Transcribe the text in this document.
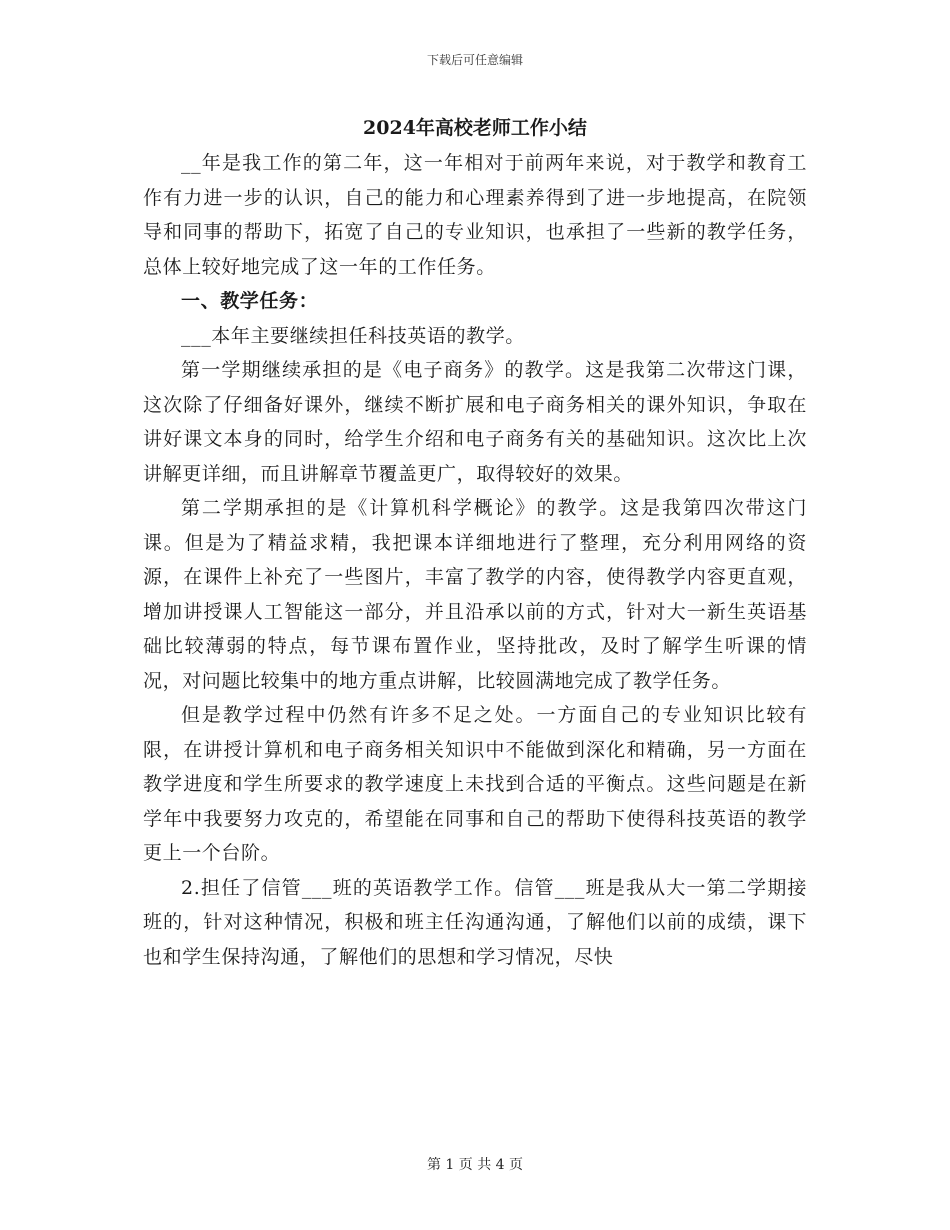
下载后可任意编辑
2024年高校老师工作小结

__年是我工作的第二年，这一年相对于前两年来说，对于教学和教育工作有力进一步的认识，自己的能力和心理素养得到了进一步地提高，在院领导和同事的帮助下，拓宽了自己的专业知识，也承担了一些新的教学任务，总体上较好地完成了这一年的工作任务。

一、教学任务：

___本年主要继续担任科技英语的教学。

第一学期继续承担的是《电子商务》的教学。这是我第二次带这门课，这次除了仔细备好课外，继续不断扩展和电子商务相关的课外知识，争取在讲好课文本身的同时，给学生介绍和电子商务有关的基础知识。这次比上次讲解更详细，而且讲解章节覆盖更广，取得较好的效果。

第二学期承担的是《计算机科学概论》的教学。这是我第四次带这门课。但是为了精益求精，我把课本详细地进行了整理，充分利用网络的资源，在课件上补充了一些图片，丰富了教学的内容，使得教学内容更直观，增加讲授课人工智能这一部分，并且沿承以前的方式，针对大一新生英语基础比较薄弱的特点，每节课布置作业，坚持批改，及时了解学生听课的情况，对问题比较集中的地方重点讲解，比较圆满地完成了教学任务。

但是教学过程中仍然有许多不足之处。一方面自己的专业知识比较有限，在讲授计算机和电子商务相关知识中不能做到深化和精确，另一方面在教学进度和学生所要求的教学速度上未找到合适的平衡点。这些问题是在新学年中我要努力攻克的，希望能在同事和自己的帮助下使得科技英语的教学更上一个台阶。

2.担任了信管___班的英语教学工作。信管___班是我从大一第二学期接班的，针对这种情况，积极和班主任沟通沟通，了解他们以前的成绩，课下也和学生保持沟通，了解他们的思想和学习情况，尽快

第 1 页 共 4 页
